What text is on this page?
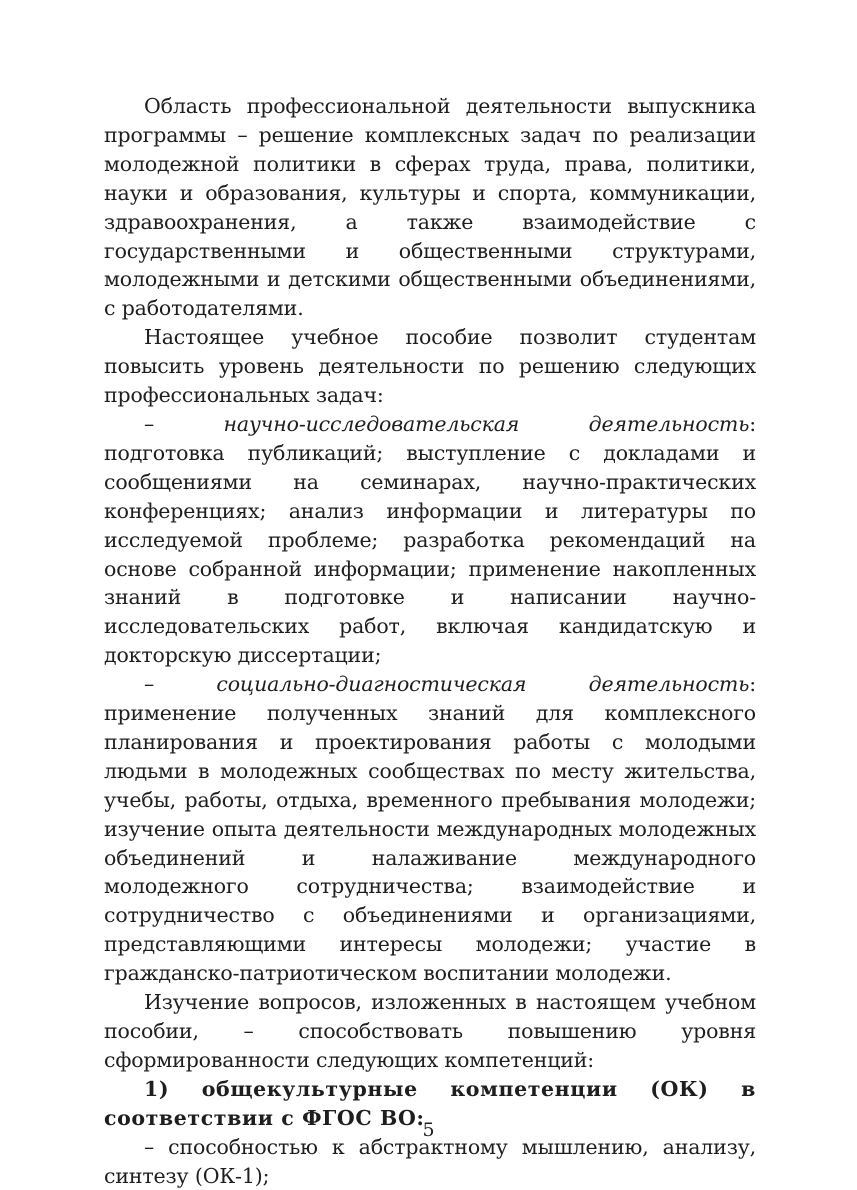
Область профессиональной деятельности выпускника программы – решение комплексных задач по реализации молодежной политики в сферах труда, права, политики, науки и образования, культуры и спорта, коммуникации, здравоохранения, а также взаимодействие с государственными и общественными структурами, молодежными и детскими общественными объединениями, с работодателями.

Настоящее учебное пособие позволит студентам повысить уровень деятельности по решению следующих профессиональных задач:

– научно-исследовательская деятельность: подготовка публикаций; выступление с докладами и сообщениями на семинарах, научно-практических конференциях; анализ информации и литературы по исследуемой проблеме; разработка рекомендаций на основе собранной информации; применение накопленных знаний в подготовке и написании научно-исследовательских работ, включая кандидатскую и докторскую диссертации;

– социально-диагностическая деятельность: применение полученных знаний для комплексного планирования и проектирования работы с молодыми людьми в молодежных сообществах по месту жительства, учебы, работы, отдыха, временного пребывания молодежи; изучение опыта деятельности международных молодежных объединений и налаживание международного молодежного сотрудничества; взаимодействие и сотрудничество с объединениями и организациями, представляющими интересы молодежи; участие в гражданско-патриотическом воспитании молодежи.

Изучение вопросов, изложенных в настоящем учебном пособии, – способствовать повышению уровня сформированности следующих компетенций:

1) общекультурные компетенции (ОК) в соответствии с ФГОС ВО:

– способностью к абстрактному мышлению, анализу, синтезу (ОК-1);

5
